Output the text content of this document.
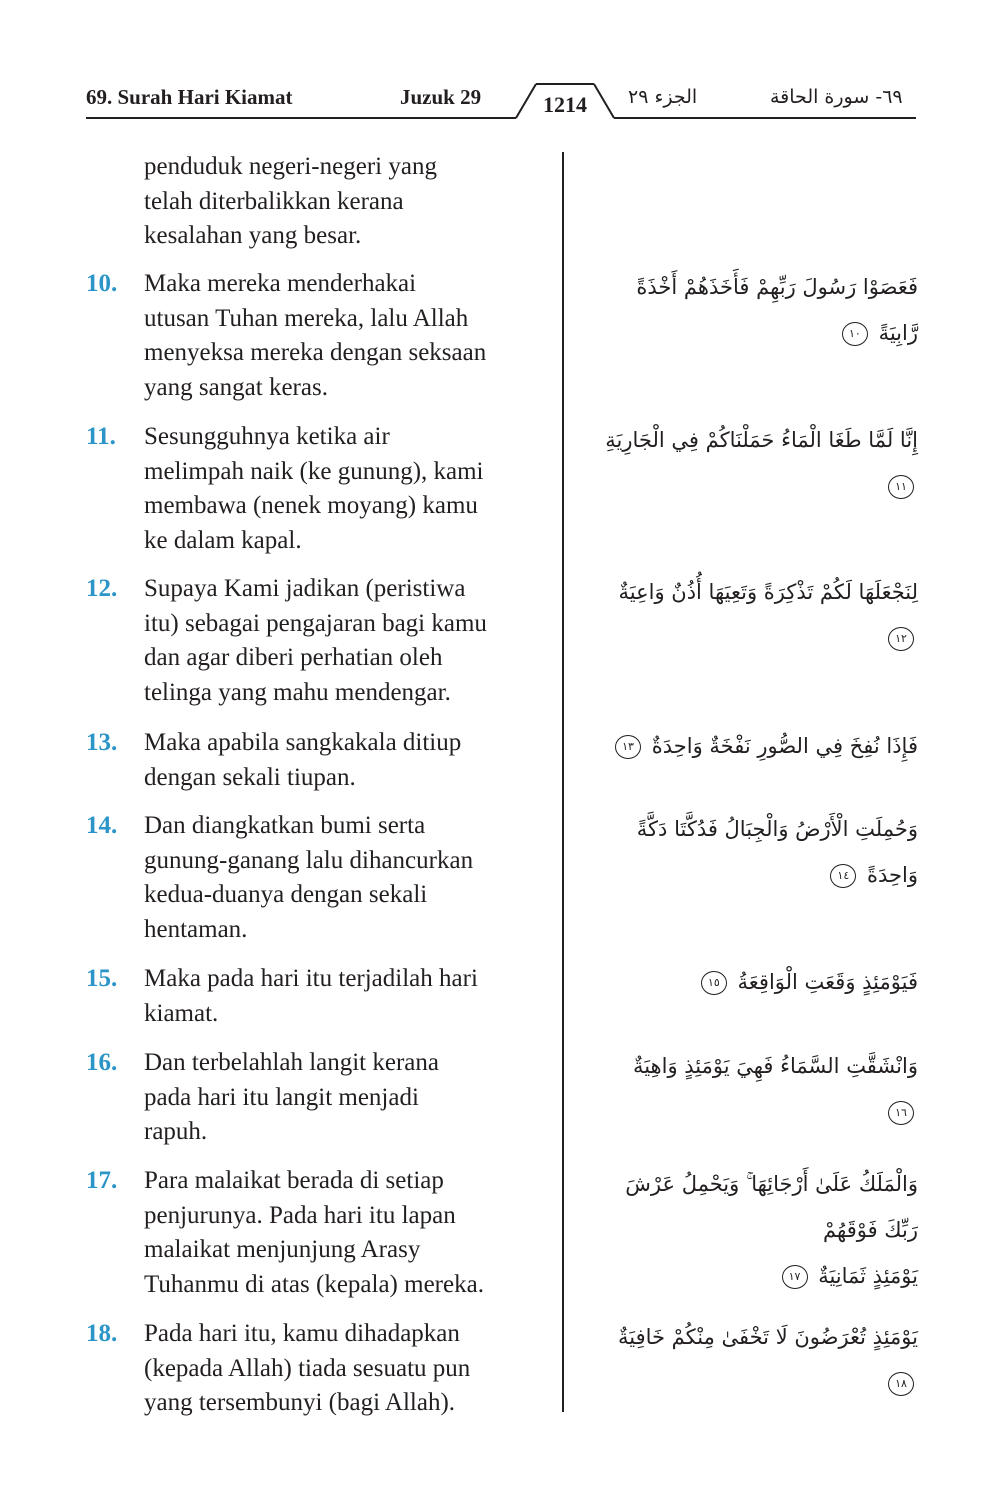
69. Surah Hari Kiamat	Juzuk 29	1214	الجزء ٢٩	٦٩- سورة الحاقة
penduduk negeri-negeri yang
telah diterbalikkan kerana
kesalahan yang besar.
10.	Maka mereka menderhakai
utusan Tuhan mereka, lalu Allah
menyeksa mereka dengan seksaan
yang sangat keras.
فَعَصَوْا رَسُولَ رَبِّهِمْ فَأَخَذَهُمْ أَخْذَةً رَّابِيَةً ١٠
11.	Sesungguhnya ketika air
melimpah naik (ke gunung), kami
membawa (nenek moyang) kamu
ke dalam kapal.
إِنَّا لَمَّا طَغَا الْمَاءُ حَمَلْنَاكُمْ فِي الْجَارِيَةِ ١١
12.	Supaya Kami jadikan (peristiwa
itu) sebagai pengajaran bagi kamu
dan agar diberi perhatian oleh
telinga yang mahu mendengar.
لِنَجْعَلَهَا لَكُمْ تَذْكِرَةً وَتَعِيَهَا أُذُنٌ وَاعِيَةٌ ١٢
13.	Maka apabila sangkakala ditiup
dengan sekali tiupan.
فَإِذَا نُفِخَ فِي الصُّورِ نَفْخَةٌ وَاحِدَةٌ ١٣
14.	Dan diangkatkan bumi serta
gunung-ganang lalu dihancurkan
kedua-duanya dengan sekali
hentaman.
وَحُمِلَتِ الْأَرْضُ وَالْجِبَالُ فَدُكَّتَا دَكَّةً وَاحِدَةً ١٤
15.	Maka pada hari itu terjadilah hari
kiamat.
فَيَوْمَئِذٍ وَقَعَتِ الْوَاقِعَةُ ١٥
16.	Dan terbelahlah langit kerana
pada hari itu langit menjadi
rapuh.
وَانْشَقَّتِ السَّمَاءُ فَهِيَ يَوْمَئِذٍ وَاهِيَةٌ ١٦
17.	Para malaikat berada di setiap
penjurunya. Pada hari itu lapan
malaikat menjunjung Arasy
Tuhanmu di atas (kepala) mereka.
وَالْمَلَكُ عَلَىٰ أَرْجَائِهَا ۚ وَيَحْمِلُ عَرْشَ رَبِّكَ فَوْقَهُمْ
يَوْمَئِذٍ ثَمَانِيَةٌ ١٧
18.	Pada hari itu, kamu dihadapkan
(kepada Allah) tiada sesuatu pun
yang tersembunyi (bagi Allah).
يَوْمَئِذٍ تُعْرَضُونَ لَا تَخْفَىٰ مِنْكُمْ خَافِيَةٌ ١٨
